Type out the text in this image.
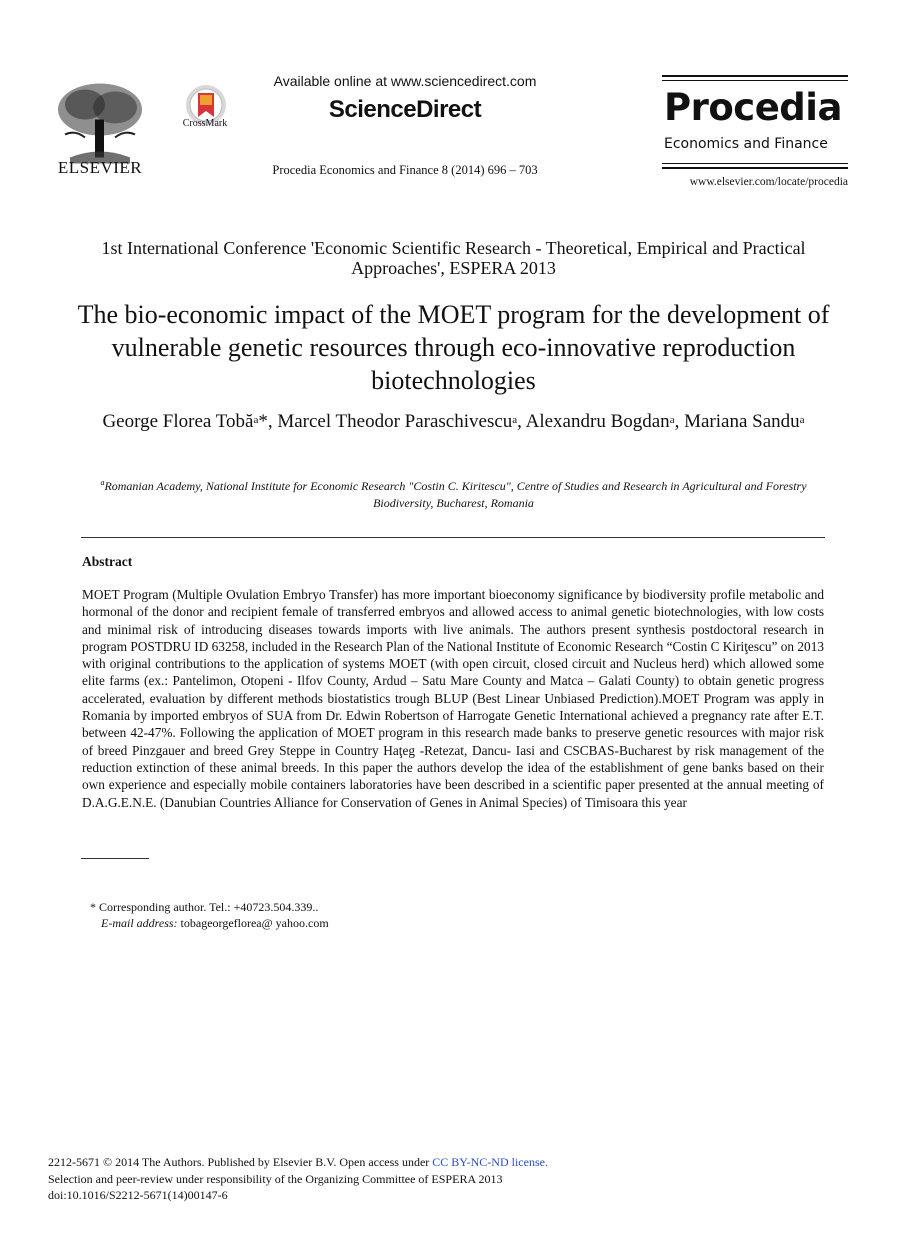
ELSEVIER
CrossMark
Available online at www.sciencedirect.com
ScienceDirect
Procedia Economics and Finance 8 (2014) 696 – 703
Procedia
Economics and Finance
www.elsevier.com/locate/procedia
1st International Conference 'Economic Scientific Research - Theoretical, Empirical and Practical Approaches', ESPERA 2013
The bio-economic impact of the MOET program for the development of vulnerable genetic resources through eco-innovative reproduction biotechnologies
George Florea Tobă$^a$*, Marcel Theodor Paraschivescu$^a$, Alexandru Bogdan$^a$, Mariana Sandu$^a$
$^a$Romanian Academy, National Institute for Economic Research "Costin C. Kiritescu", Centre of Studies and Research in Agricultural and Forestry Biodiversity, Bucharest, Romania
Abstract
MOET Program (Multiple Ovulation Embryo Transfer) has more important bioeconomy significance by biodiversity profile metabolic and hormonal of the donor and recipient female of transferred embryos and allowed access to animal genetic biotechnologies, with low costs and minimal risk of introducing diseases towards imports with live animals. The authors present synthesis postdoctoral research in program POSTDRU ID 63258, included in the Research Plan of the National Institute of Economic Research “Costin C Kiriţescu” on 2013 with original contributions to the application of systems MOET (with open circuit, closed circuit and Nucleus herd) which allowed some elite farms (ex.: Pantelimon, Otopeni - Ilfov County, Ardud – Satu Mare County and Matca – Galati County) to obtain genetic progress accelerated, evaluation by different methods biostatistics trough BLUP (Best Linear Unbiased Prediction).MOET Program was apply in Romania by imported embryos of SUA from Dr. Edwin Robertson of Harrogate Genetic International achieved a pregnancy rate after E.T. between 42-47%. Following the application of MOET program in this research made banks to preserve genetic resources with major risk of breed Pinzgauer and breed Grey Steppe in Country Haţeg -Retezat, Dancu- Iasi and CSCBAS-Bucharest by risk management of the reduction extinction of these animal breeds. In this paper the authors develop the idea of the establishment of gene banks based on their own experience and especially mobile containers laboratories have been described in a scientific paper presented at the annual meeting of D.A.G.E.N.E. (Danubian Countries Alliance for Conservation of Genes in Animal Species) of Timisoara this year
* Corresponding author. Tel.: +40723.504.339..
E-mail address: tobageorgeflorea@ yahoo.com
2212-5671 © 2014 The Authors. Published by Elsevier B.V. Open access under CC BY-NC-ND license.
Selection and peer-review under responsibility of the Organizing Committee of ESPERA 2013
doi:10.1016/S2212-5671(14)00147-6
